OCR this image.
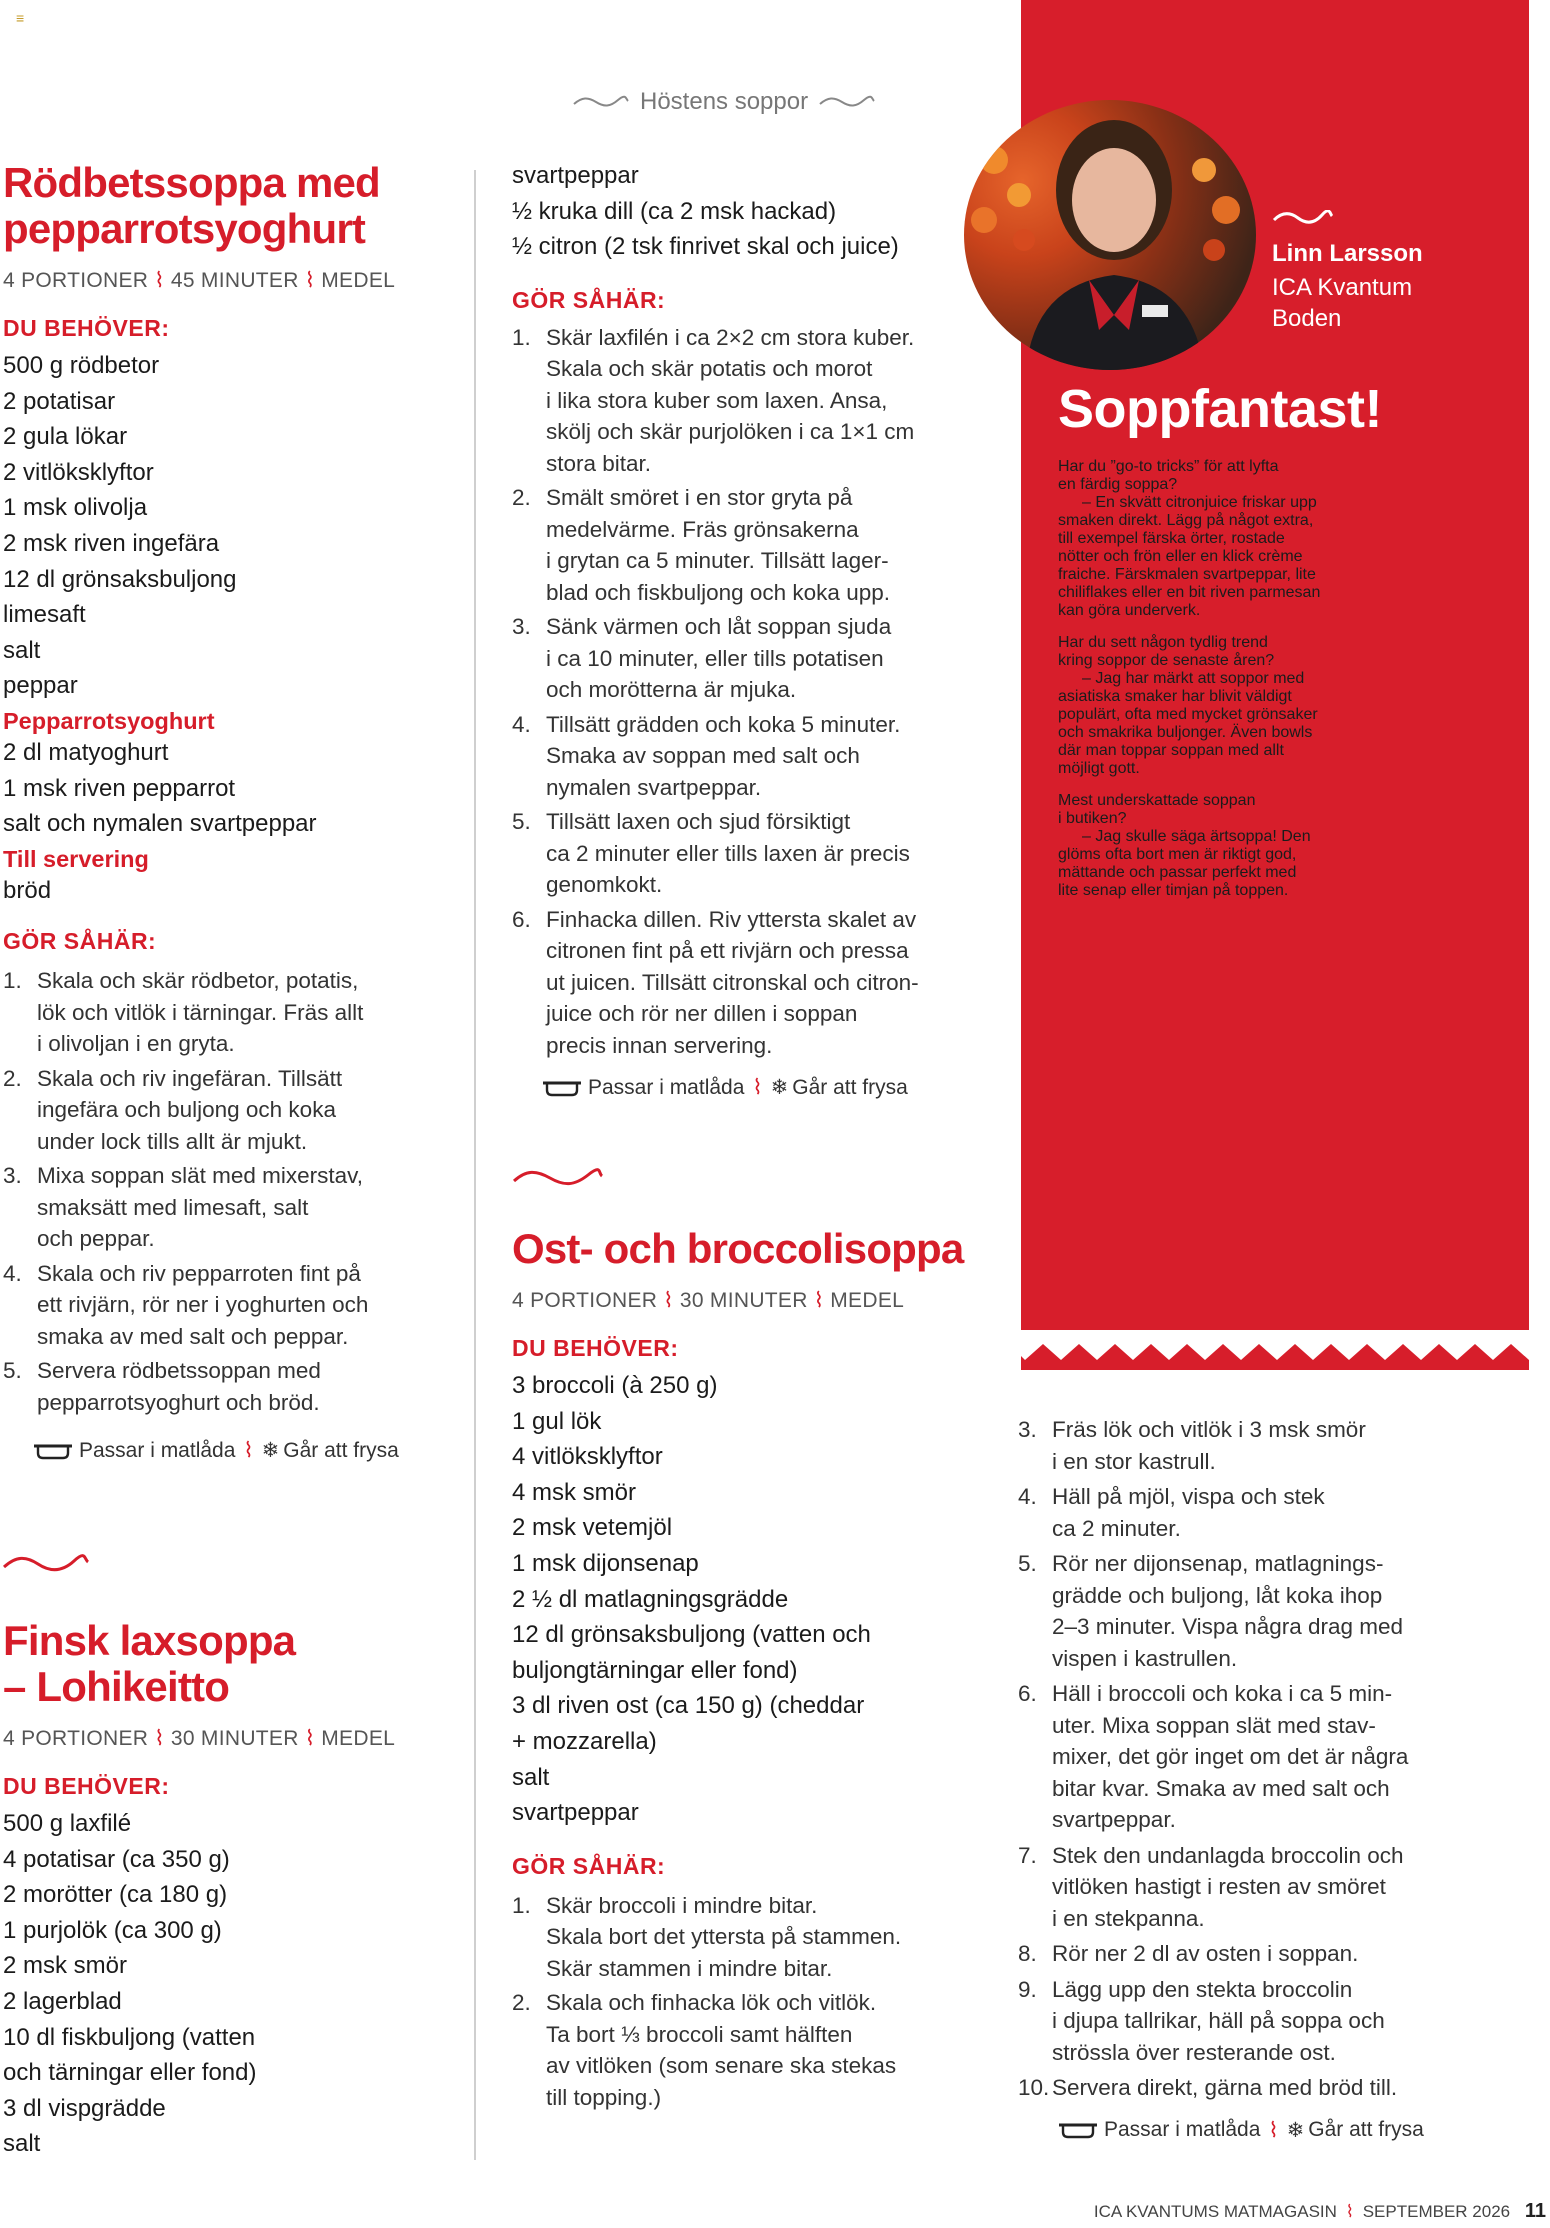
≡
Höstens soppor
Rödbetssoppa med
pepparrotsyoghurt
4 PORTIONER ⌇ 45 MINUTER ⌇ MEDEL
DU BEHÖVER:
500 g rödbetor
2 potatisar
2 gula lökar
2 vitlöksklyftor
1 msk olivolja
2 msk riven ingefära
12 dl grönsaksbuljong
limesaft
salt
peppar
Pepparrotsyoghurt
2 dl matyoghurt
1 msk riven pepparrot
salt och nymalen svartpeppar
Till servering
bröd
GÖR SÅHÄR:
1. Skala och skär rödbetor, potatis,
lök och vitlök i tärningar. Fräs allt
i olivoljan i en gryta.
2. Skala och riv ingefäran. Tillsätt
ingefära och buljong och koka
under lock tills allt är mjukt.
3. Mixa soppan slät med mixerstav,
smaksätt med limesaft, salt
och peppar.
4. Skala och riv pepparroten fint på
ett rivjärn, rör ner i yoghurten och
smaka av med salt och peppar.
5. Servera rödbetssoppan med
pepparrotsyoghurt och bröd.
Passar i matlåda ⌇ ❄ Går att frysa
Finsk laxsoppa
– Lohikeitto
4 PORTIONER ⌇ 30 MINUTER ⌇ MEDEL
DU BEHÖVER:
500 g laxfilé
4 potatisar (ca 350 g)
2 morötter (ca 180 g)
1 purjolök (ca 300 g)
2 msk smör
2 lagerblad
10 dl fiskbuljong (vatten
och tärningar eller fond)
3 dl vispgrädde
salt
svartpeppar
½ kruka dill (ca 2 msk hackad)
½ citron (2 tsk finrivet skal och juice)
GÖR SÅHÄR:
1. Skär laxfilén i ca 2×2 cm stora kuber.
Skala och skär potatis och morot
i lika stora kuber som laxen. Ansa,
skölj och skär purjolöken i ca 1×1 cm
stora bitar.
2. Smält smöret i en stor gryta på
medelvärme. Fräs grönsakerna
i grytan ca 5 minuter. Tillsätt lager-
blad och fiskbuljong och koka upp.
3. Sänk värmen och låt soppan sjuda
i ca 10 minuter, eller tills potatisen
och morötterna är mjuka.
4. Tillsätt grädden och koka 5 minuter.
Smaka av soppan med salt och
nymalen svartpeppar.
5. Tillsätt laxen och sjud försiktigt
ca 2 minuter eller tills laxen är precis
genomkokt.
6. Finhacka dillen. Riv yttersta skalet av
citronen fint på ett rivjärn och pressa
ut juicen. Tillsätt citronskal och citron-
juice och rör ner dillen i soppan
precis innan servering.
Passar i matlåda ⌇ ❄ Går att frysa
Ost- och broccolisoppa
4 PORTIONER ⌇ 30 MINUTER ⌇ MEDEL
DU BEHÖVER:
3 broccoli (à 250 g)
1 gul lök
4 vitlöksklyftor
4 msk smör
2 msk vetemjöl
1 msk dijonsenap
2 ½ dl matlagningsgrädde
12 dl grönsaksbuljong (vatten och
buljongtärningar eller fond)
3 dl riven ost (ca 150 g) (cheddar
+ mozzarella)
salt
svartpeppar
GÖR SÅHÄR:
1. Skär broccoli i mindre bitar.
Skala bort det yttersta på stammen.
Skär stammen i mindre bitar.
2. Skala och finhacka lök och vitlök.
Ta bort ⅓ broccoli samt hälften
av vitlöken (som senare ska stekas
till topping.)
Linn Larsson
ICA Kvantum
Boden
Soppfantast!
Har du ”go-to tricks” för att lyfta
en färdig soppa?
– En skvätt citronjuice friskar upp
smaken direkt. Lägg på något extra,
till exempel färska örter, rostade
nötter och frön eller en klick crème
fraiche. Färskmalen svartpeppar, lite
chiliflakes eller en bit riven parmesan
kan göra underverk.
Har du sett någon tydlig trend
kring soppor de senaste åren?
– Jag har märkt att soppor med
asiatiska smaker har blivit väldigt
populärt, ofta med mycket grönsaker
och smakrika buljonger. Även bowls
där man toppar soppan med allt
möjligt gott.
Mest underskattade soppan
i butiken?
– Jag skulle säga ärtsoppa! Den
glöms ofta bort men är riktigt god,
mättande och passar perfekt med
lite senap eller timjan på toppen.
3. Fräs lök och vitlök i 3 msk smör
i en stor kastrull.
4. Häll på mjöl, vispa och stek
ca 2 minuter.
5. Rör ner dijonsenap, matlagnings-
grädde och buljong, låt koka ihop
2–3 minuter. Vispa några drag med
vispen i kastrullen.
6. Häll i broccoli och koka i ca 5 min-
uter. Mixa soppan slät med stav-
mixer, det gör inget om det är några
bitar kvar. Smaka av med salt och
svartpeppar.
7. Stek den undanlagda broccolin och
vitlöken hastigt i resten av smöret
i en stekpanna.
8. Rör ner 2 dl av osten i soppan.
9. Lägg upp den stekta broccolin
i djupa tallrikar, häll på soppa och
strössla över resterande ost.
10. Servera direkt, gärna med bröd till.
Passar i matlåda ⌇ ❄ Går att frysa
ICA KVANTUMS MATMAGASIN ⌇ SEPTEMBER 2026 11
